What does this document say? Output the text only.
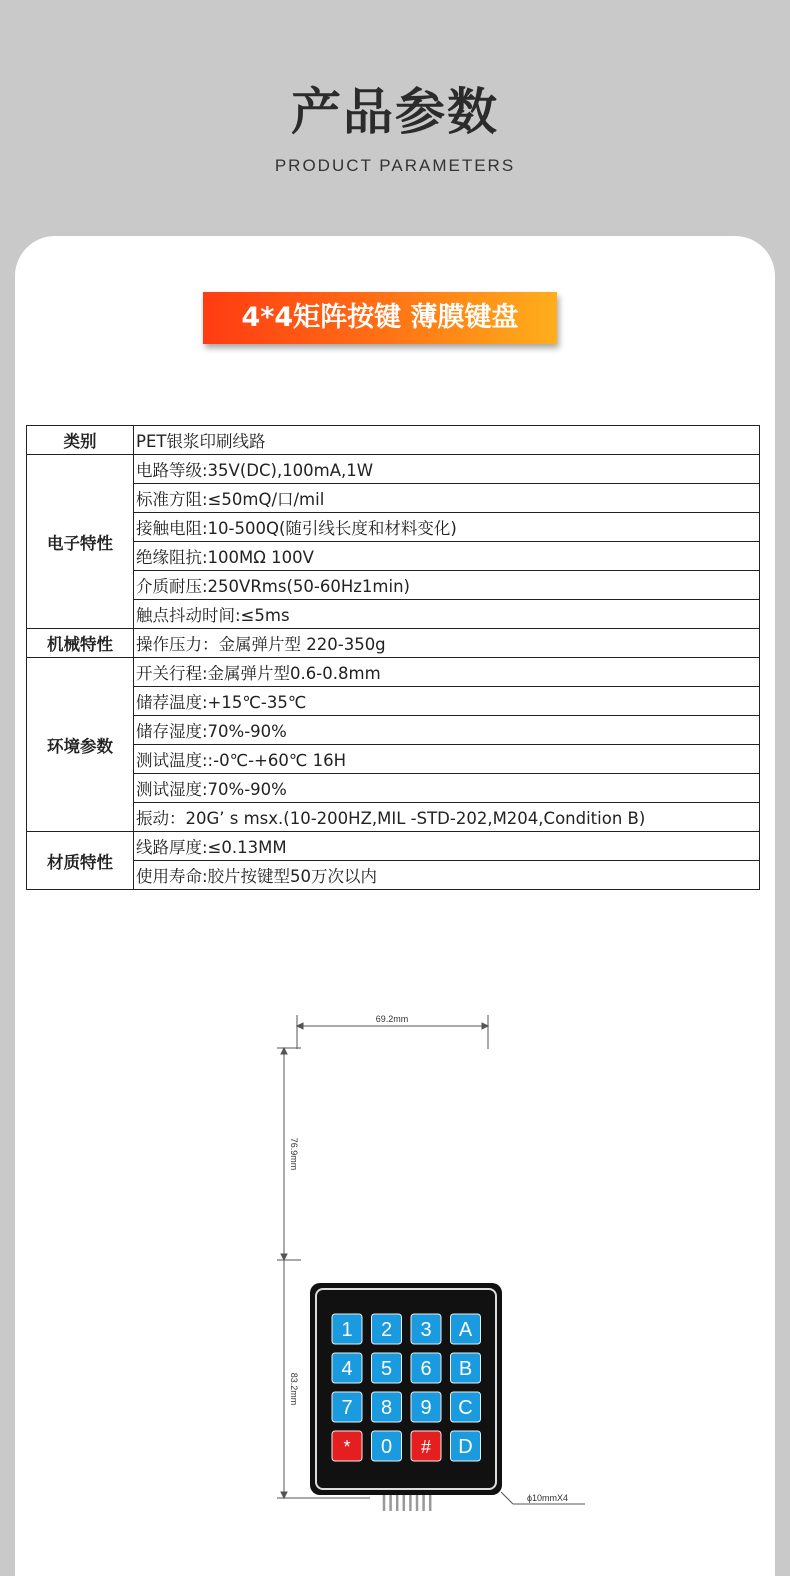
产品参数
PRODUCT PARAMETERS
4*4矩阵按键 薄膜键盘
类别	PET银浆印刷线路
电子特性	电路等级:35V(DC),100mA,1W
	标准方阻:≤50mQ/口/mil
	接触电阻:10-500Q(随引线长度和材料变化)
	绝缘阻抗:100MΩ 100V
	介质耐压:250VRms(50-60Hz1min)
	触点抖动时间:≤5ms
机械特性	操作压力：金属弹片型 220-350g
环境参数	开关行程:金属弹片型0.6-0.8mm
	储荐温度:+15℃-35℃
	储存湿度:70%-90%
	测试温度::-0℃-+60℃ 16H
	测试湿度:70%-90%
	振动：20G’ s msx.(10-200HZ,MIL -STD-202,M204,Condition B)
材质特性	线路厚度:≤0.13MM
	使用寿命:胶片按键型50万次以内
69.2mm
76.9mm
83.2mm
1 2 3 A
4 5 6 B
7 8 9 C
* 0 # D
ϕ10mmX4
